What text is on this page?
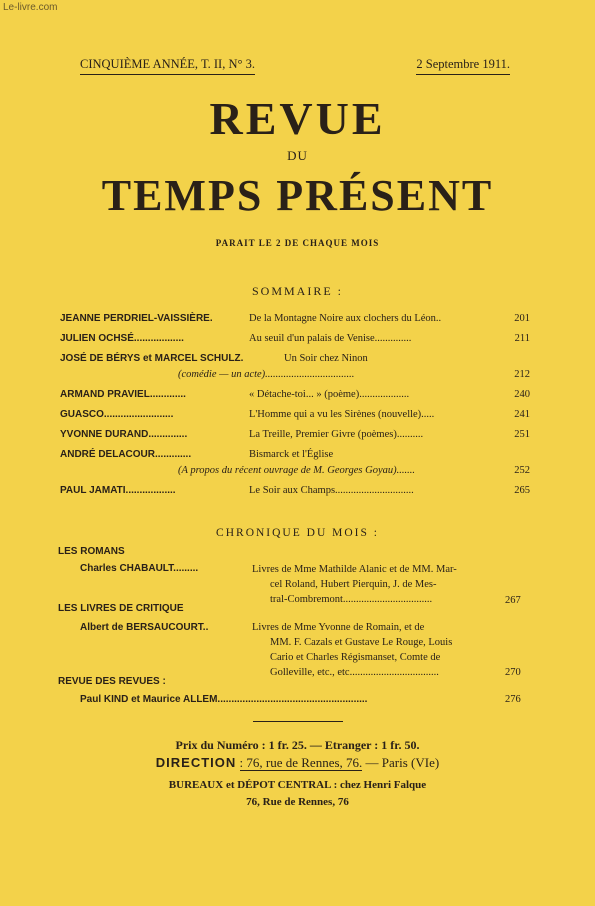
Le-livre.com
CINQUIÈME ANNÉE, T. II, N° 3.	2 Septembre 1911.
REVUE
DU
TEMPS PRÉSENT
PARAIT LE 2 DE CHAQUE MOIS
SOMMAIRE :
JEANNE PERDRIEL-VAISSIÈRE.	De la Montagne Noire aux clochers du Léon..	201
JULIEN OCHSÉ..................	Au seuil d'un palais de Venise..............	211
JOSÉ DE BÉRYS et MARCEL SCHULZ.	Un Soir chez Ninon
(comédie — un acte)..................................	212
ARMAND PRAVIEL.............	« Détache-toi... » (poème)...................	240
GUASCO.........................	L'Homme qui a vu les Sirènes (nouvelle).....	241
YVONNE DURAND..............	La Treille, Premier Givre (poèmes)..........	251
ANDRÉ DELACOUR.............	Bismarck et l'Église
(A propos du récent ouvrage de M. Georges Goyau).......	252
PAUL JAMATI..................	Le Soir aux Champs..............................	265
CHRONIQUE DU MOIS :
LES ROMANS
Charles CHABAULT.........	Livres de Mme Mathilde Alanic et de MM. Mar-
cel Roland, Hubert Pierquin, J. de Mes-
tral-Combremont..................................	267
LES LIVRES DE CRITIQUE
Albert de BERSAUCOURT..	Livres de Mme Yvonne de Romain, et de
MM. F. Cazals et Gustave Le Rouge, Louis
Cario et Charles Régismanset, Comte de
Golleville, etc., etc..................................	270
REVUE DES REVUES :
Paul KIND et Maurice ALLEM......................................................	276
Prix du Numéro : 1 fr. 25. — Etranger : 1 fr. 50.
DIRECTION : 76, rue de Rennes, 76. — Paris (VIe)
BUREAUX et DÉPOT CENTRAL : chez Henri Falque
76, Rue de Rennes, 76
